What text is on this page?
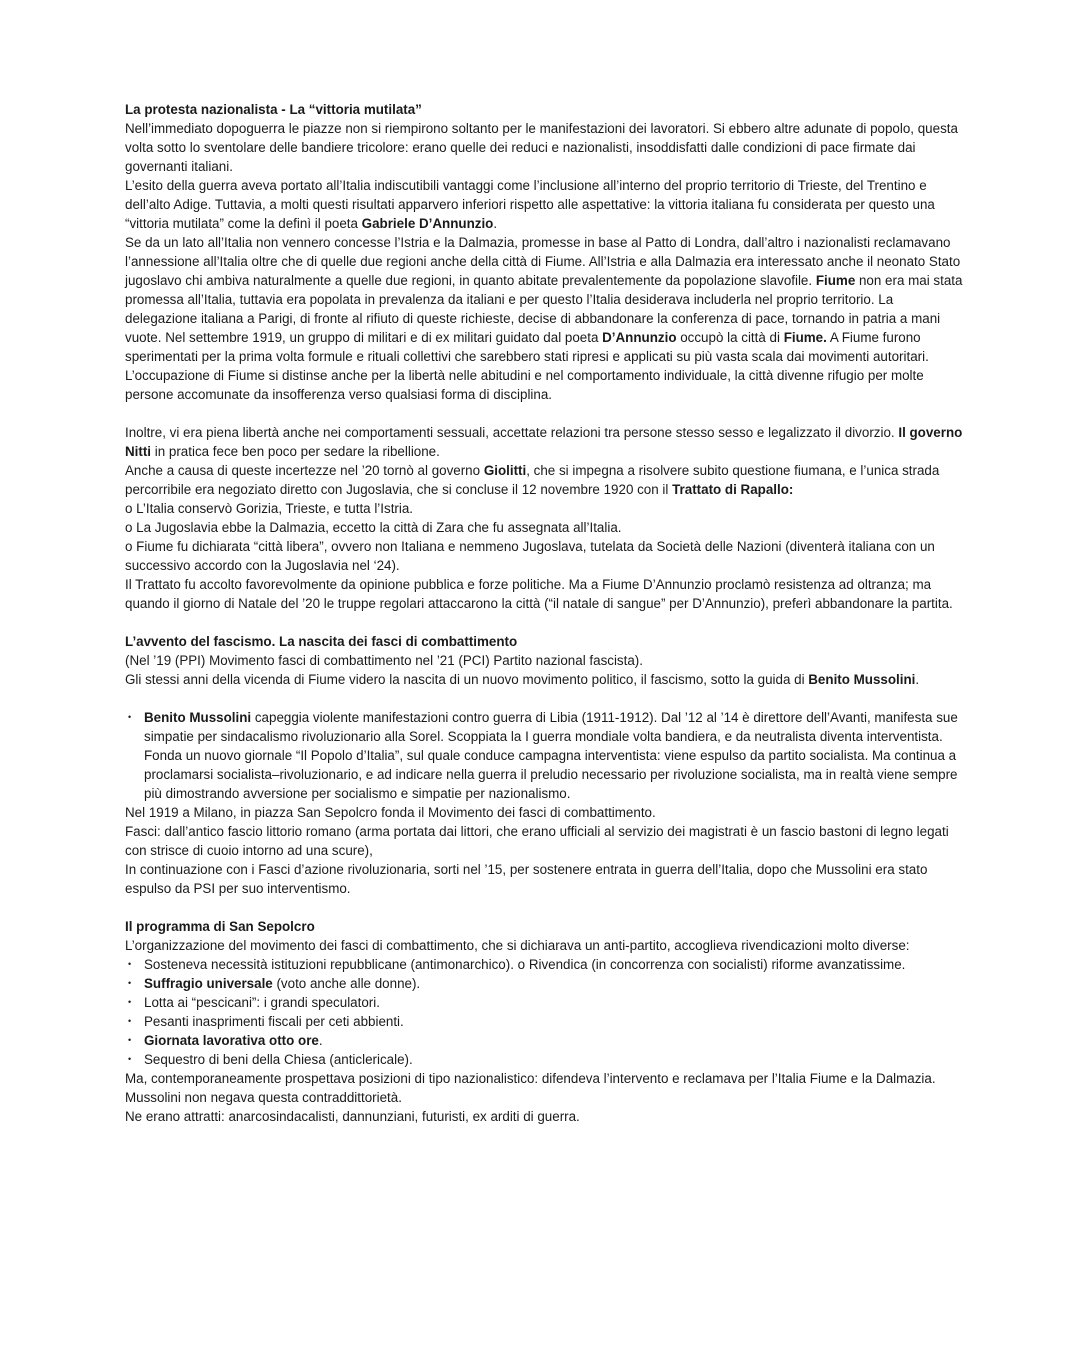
La protesta nazionalista - La “vittoria mutilata”
Nell’immediato dopoguerra le piazze non si riempirono soltanto per le manifestazioni dei lavoratori. Si ebbero altre adunate di popolo, questa volta sotto lo sventolare delle bandiere tricolore: erano quelle dei reduci e nazionalisti, insoddisfatti dalle condizioni di pace firmate dai governanti italiani.
L’esito della guerra aveva portato all’Italia indiscutibili vantaggi come l’inclusione all’interno del proprio territorio di Trieste, del Trentino e dell’alto Adige. Tuttavia, a molti questi risultati apparvero inferiori rispetto alle aspettative: la vittoria italiana fu considerata per questo una “vittoria mutilata” come la definì il poeta Gabriele D’Annunzio.
Se da un lato all’Italia non vennero concesse l’Istria e la Dalmazia, promesse in base al Patto di Londra, dall’altro i nazionalisti reclamavano l’annessione all’Italia oltre che di quelle due regioni anche della città di Fiume. All’Istria e alla Dalmazia era interessato anche il neonato Stato jugoslavo chi ambiva naturalmente a quelle due regioni, in quanto abitate prevalentemente da popolazione slavofile. Fiume non era mai stata promessa all’Italia, tuttavia era popolata in prevalenza da italiani e per questo l’Italia desiderava includerla nel proprio territorio. La delegazione italiana a Parigi, di fronte al rifiuto di queste richieste, decise di abbandonare la conferenza di pace, tornando in patria a mani vuote. Nel settembre 1919, un gruppo di militari e di ex militari guidato dal poeta D’Annunzio occupò la città di Fiume. A Fiume furono sperimentati per la prima volta formule e rituali collettivi che sarebbero stati ripresi e applicati su più vasta scala dai movimenti autoritari.
L’occupazione di Fiume si distinse anche per la libertà nelle abitudini e nel comportamento individuale, la città divenne rifugio per molte persone accomunate da insofferenza verso qualsiasi forma di disciplina.
Inoltre, vi era piena libertà anche nei comportamenti sessuali, accettate relazioni tra persone stesso sesso e legalizzato il divorzio. Il governo Nitti in pratica fece ben poco per sedare la ribellione.
Anche a causa di queste incertezze nel ’20 tornò al governo Giolitti, che si impegna a risolvere subito questione fiumana, e l’unica strada percorribile era negoziato diretto con Jugoslavia, che si concluse il 12 novembre 1920 con il Trattato di Rapallo:
o L’Italia conservò Gorizia, Trieste, e tutta l’Istria.
o La Jugoslavia ebbe la Dalmazia, eccetto la città di Zara che fu assegnata all’Italia.
o Fiume fu dichiarata “città libera”, ovvero non Italiana e nemmeno Jugoslava, tutelata da Società delle Nazioni (diventerà italiana con un successivo accordo con la Jugoslavia nel ‘24).
Il Trattato fu accolto favorevolmente da opinione pubblica e forze politiche. Ma a Fiume D’Annunzio proclamò resistenza ad oltranza; ma quando il giorno di Natale del ’20 le truppe regolari attaccarono la città (“il natale di sangue” per D’Annunzio), preferì abbandonare la partita.
L’avvento del fascismo. La nascita dei fasci di combattimento
(Nel ’19 (PPI) Movimento fasci di combattimento nel ’21 (PCI) Partito nazional fascista).
Gli stessi anni della vicenda di Fiume videro la nascita di un nuovo movimento politico, il fascismo, sotto la guida di Benito Mussolini.
• Benito Mussolini capeggia violente manifestazioni contro guerra di Libia (1911-1912). Dal ’12 al ’14 è direttore dell’Avanti, manifesta sue simpatie per sindacalismo rivoluzionario alla Sorel. Scoppiata la I guerra mondiale volta bandiera, e da neutralista diventa interventista. Fonda un nuovo giornale “Il Popolo d’Italia”, sul quale conduce campagna interventista: viene espulso da partito socialista. Ma continua a proclamarsi socialista–rivoluzionario, e ad indicare nella guerra il preludio necessario per rivoluzione socialista, ma in realtà viene sempre più dimostrando avversione per socialismo e simpatie per nazionalismo.
Nel 1919 a Milano, in piazza San Sepolcro fonda il Movimento dei fasci di combattimento.
Fasci: dall’antico fascio littorio romano (arma portata dai littori, che erano ufficiali al servizio dei magistrati è un fascio bastoni di legno legati con strisce di cuoio intorno ad una scure),
In continuazione con i Fasci d’azione rivoluzionaria, sorti nel ’15, per sostenere entrata in guerra dell’Italia, dopo che Mussolini era stato espulso da PSI per suo interventismo.
Il programma di San Sepolcro
L’organizzazione del movimento dei fasci di combattimento, che si dichiarava un anti-partito, accoglieva rivendicazioni molto diverse:
• Sosteneva necessità istituzioni repubblicane (antimonarchico). o Rivendica (in concorrenza con socialisti) riforme avanzatissime.
• Suffragio universale (voto anche alle donne).
• Lotta ai “pescicani”: i grandi speculatori.
• Pesanti inasprimenti fiscali per ceti abbienti.
• Giornata lavorativa otto ore.
• Sequestro di beni della Chiesa (anticlericale).
Ma, contemporaneamente prospettava posizioni di tipo nazionalistico: difendeva l’intervento e reclamava per l’Italia Fiume e la Dalmazia. Mussolini non negava questa contraddittorietà.
Ne erano attratti: anarcosindacalisti, dannunziani, futuristi, ex arditi di guerra.
